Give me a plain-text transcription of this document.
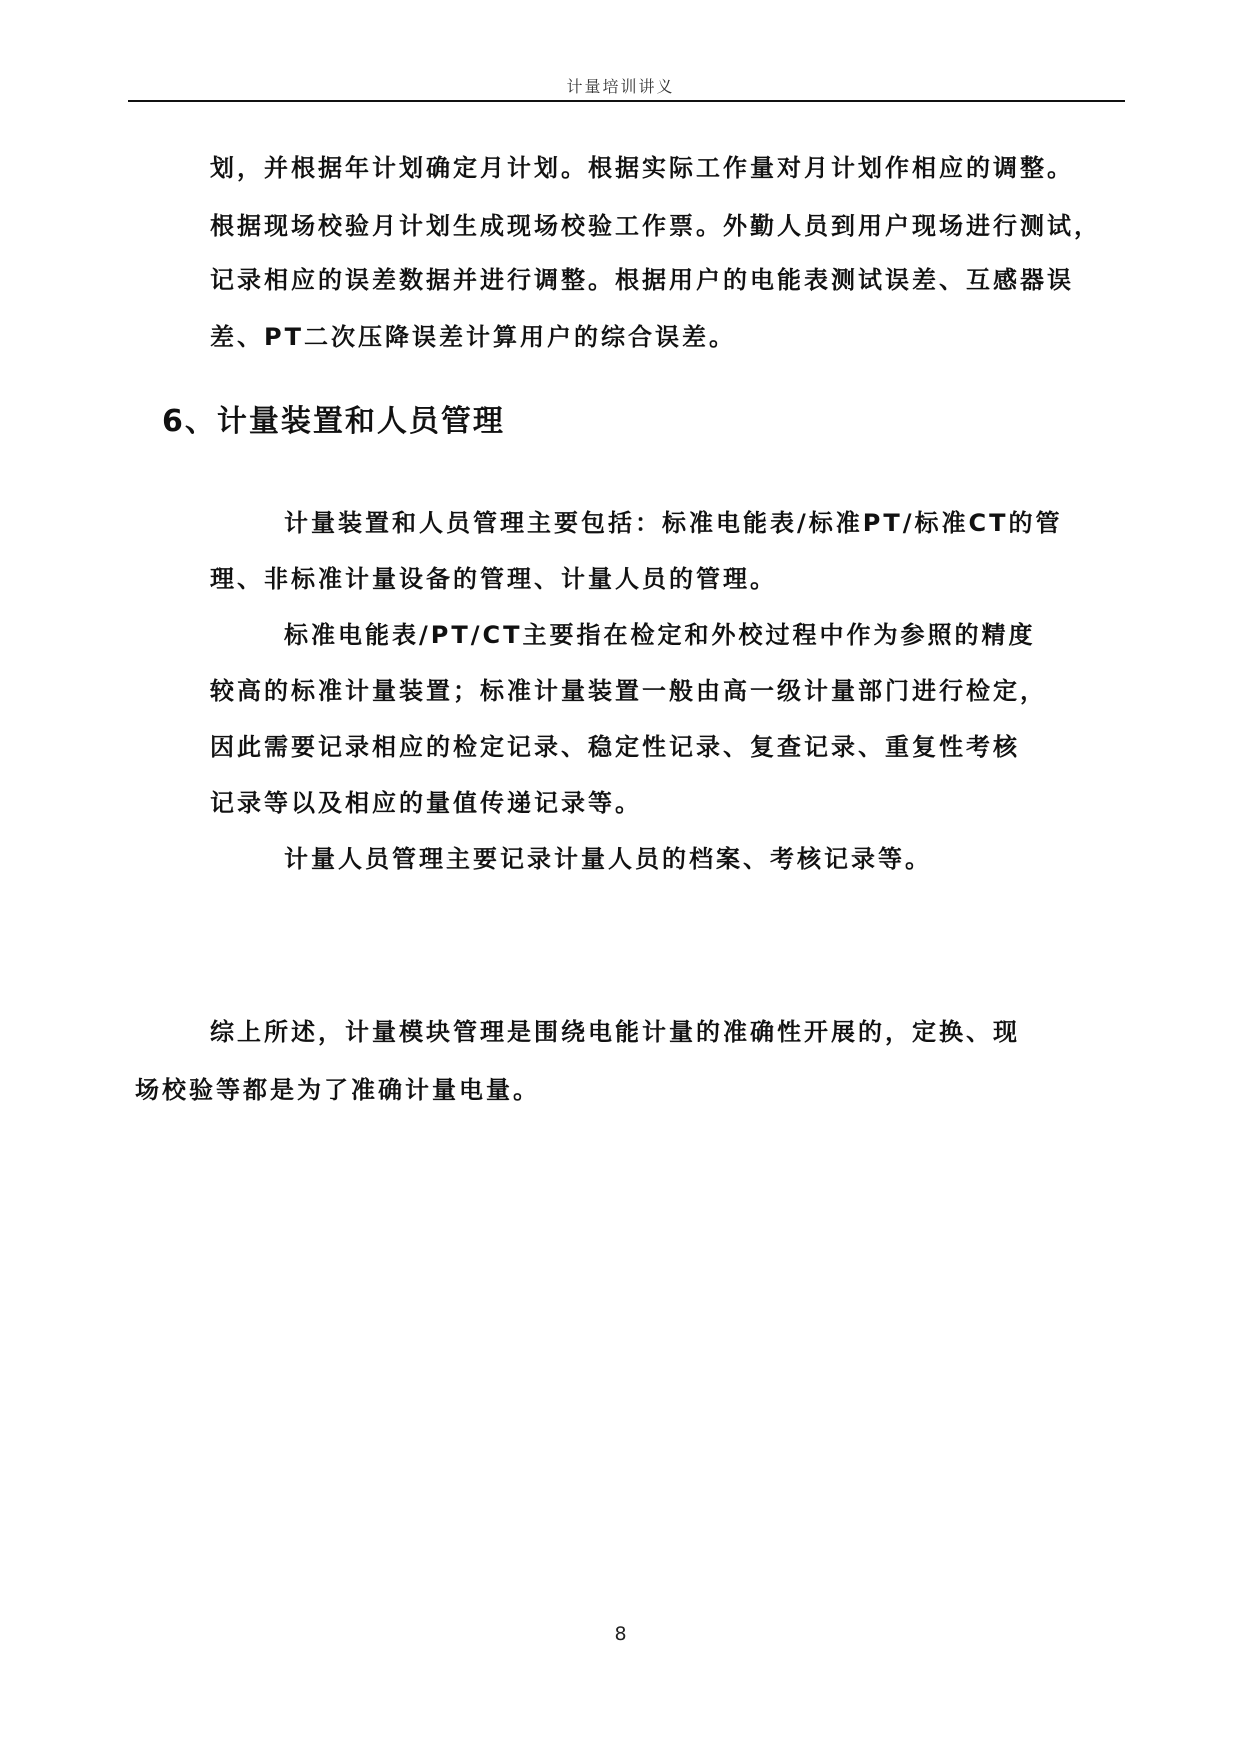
计量培训讲义
划，并根据年计划确定月计划。根据实际工作量对月计划作相应的调整。
根据现场校验月计划生成现场校验工作票。外勤人员到用户现场进行测试，
记录相应的误差数据并进行调整。根据用户的电能表测试误差、互感器误
差、PT二次压降误差计算用户的综合误差。
6、计量装置和人员管理
计量装置和人员管理主要包括：标准电能表/标准PT/标准CT的管
理、非标准计量设备的管理、计量人员的管理。
标准电能表/PT/CT主要指在检定和外校过程中作为参照的精度
较高的标准计量装置；标准计量装置一般由高一级计量部门进行检定，
因此需要记录相应的检定记录、稳定性记录、复查记录、重复性考核
记录等以及相应的量值传递记录等。
计量人员管理主要记录计量人员的档案、考核记录等。
综上所述，计量模块管理是围绕电能计量的准确性开展的，定换、现
场校验等都是为了准确计量电量。
8
